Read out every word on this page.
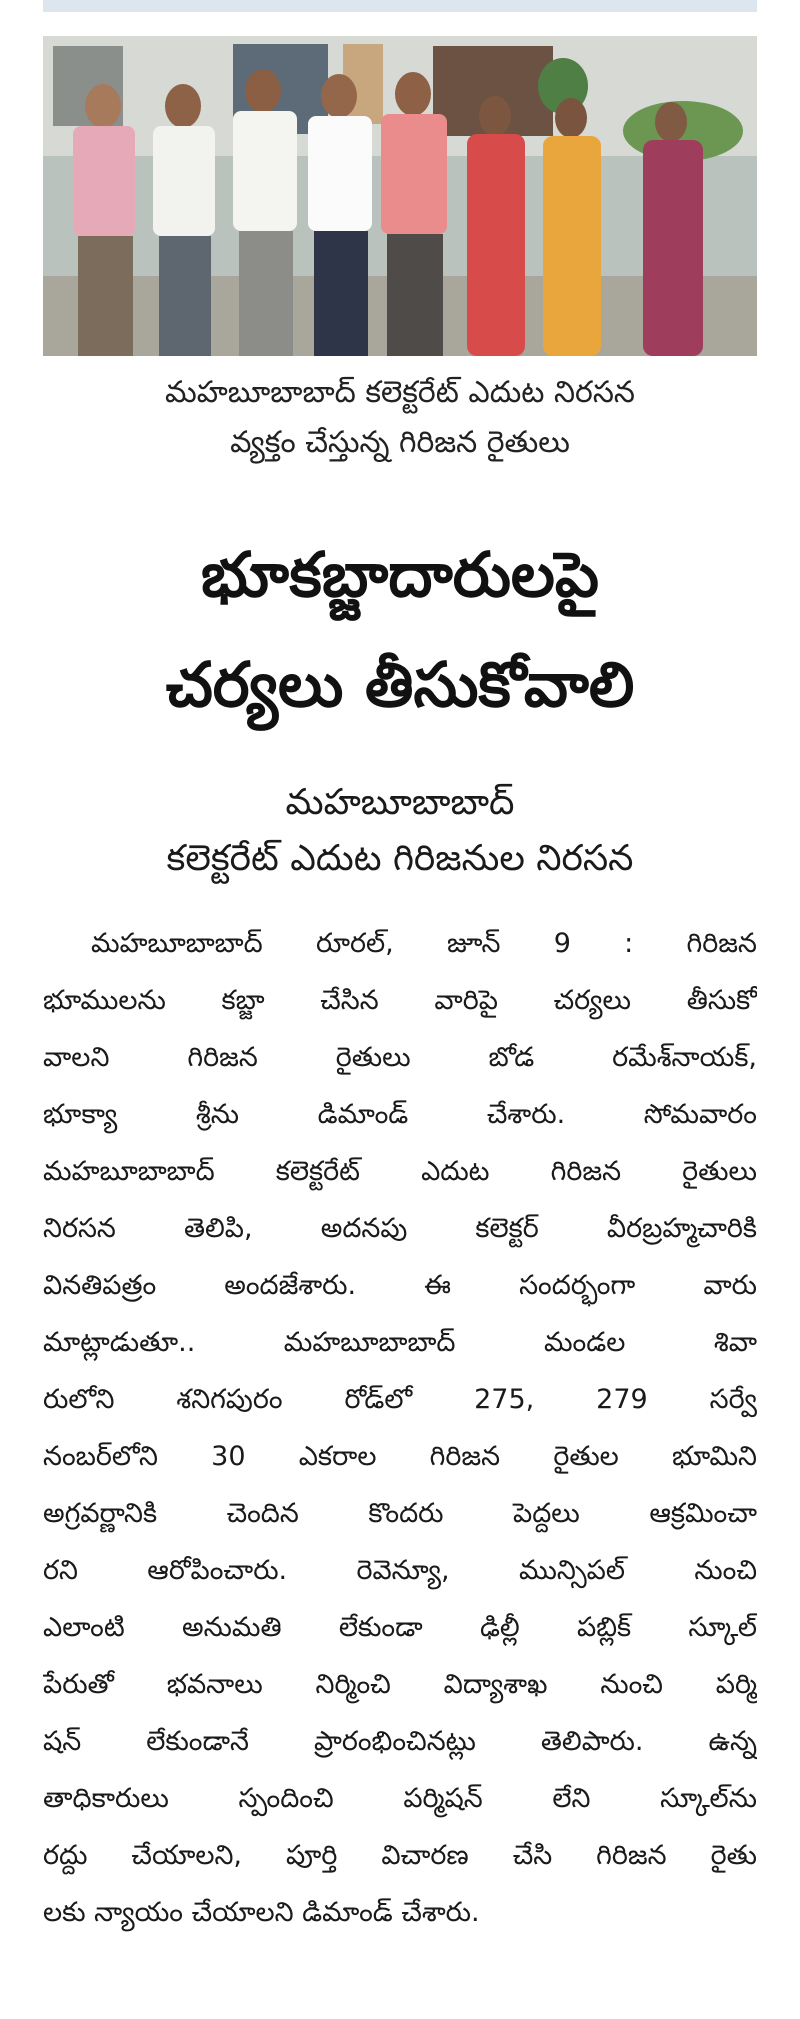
మహబూబాబాద్ కలెక్టరేట్ ఎదుట నిరసన
వ్యక్తం చేస్తున్న గిరిజన రైతులు
భూకబ్జాదారులపై
చర్యలు తీసుకోవాలి
మహబూబాబాద్
కలెక్టరేట్ ఎదుట గిరిజనుల నిరసన
మహబూబాబాద్ రూరల్, జూన్ 9 : గిరిజన
భూములను కబ్జా చేసిన వారిపై చర్యలు తీసుకో
వాలని గిరిజన రైతులు బోడ రమేశ్‌నాయక్,
భూక్యా శ్రీను డిమాండ్ చేశారు. సోమవారం
మహబూబాబాద్ కలెక్టరేట్ ఎదుట గిరిజన రైతులు
నిరసన తెలిపి, అదనపు కలెక్టర్ వీరబ్రహ్మచారికి
వినతిపత్రం అందజేశారు. ఈ సందర్భంగా వారు
మాట్లాడుతూ.. మహబూబాబాద్ మండల శివా
రులోని శనిగపురం రోడ్‌లో 275, 279 సర్వే
నంబర్‌లోని 30 ఎకరాల గిరిజన రైతుల భూమిని
అగ్రవర్ణానికి చెందిన కొందరు పెద్దలు ఆక్రమించా
రని ఆరోపించారు. రెవెన్యూ, మున్సిపల్ నుంచి
ఎలాంటి అనుమతి లేకుండా ఢిల్లీ పబ్లిక్ స్కూల్
పేరుతో భవనాలు నిర్మించి విద్యాశాఖ నుంచి పర్మి
షన్ లేకుండానే ప్రారంభించినట్లు తెలిపారు. ఉన్న
తాధికారులు స్పందించి పర్మిషన్ లేని స్కూల్‌ను
రద్దు చేయాలని, పూర్తి విచారణ చేసి గిరిజన రైతు
లకు న్యాయం చేయాలని డిమాండ్ చేశారు.
